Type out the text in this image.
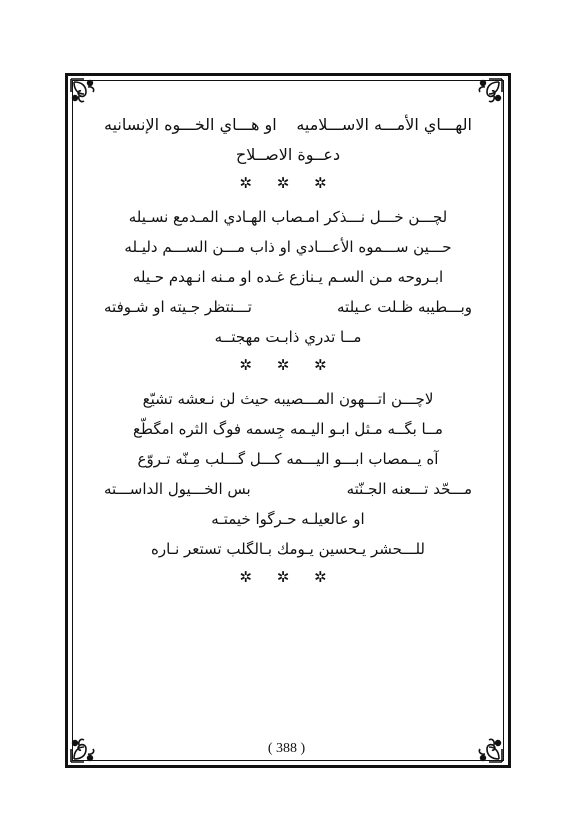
الهـــاي الأمـــه الاســـلاميه
او هـــاي الخـــوه الإنسانيه
دعــوة الاصــلاح
✲ ✲ ✲
لچـــن خـــل نـــذكر امـصاب الهـادي المـدمع نسـيله
حـــين ســـموه الأعـــادي او ذاب مـــن الســـم دليـله
ابـروحه مـن السـم يـنازع غـده او مـنه انـهدم حـيله
وبـــطيبه ظـلت عـيلته
تـــنتظر جـيته او شـوفته
مــا تدري ذابـت مهجتــه
✲ ✲ ✲
لاچـــن اتـــهون المـــصيبه حيث لن نـعشه تشيّع
مــا بگــه مـثل ابـو اليـمه جِسمه فوگ الثره امگطّع
آه يــمصاب ابـــو اليـــمه كـــل گـــلب مِـنّه تـروّع
مـــحّد تـــعنه الجـنّته
بس الخـــيول الداســـته
او عالعيلـه حـرگوا خيمتـه
للـــحشر يـحسين يـومك بـالگلب تستعر نـاره
✲ ✲ ✲
( 388 )
